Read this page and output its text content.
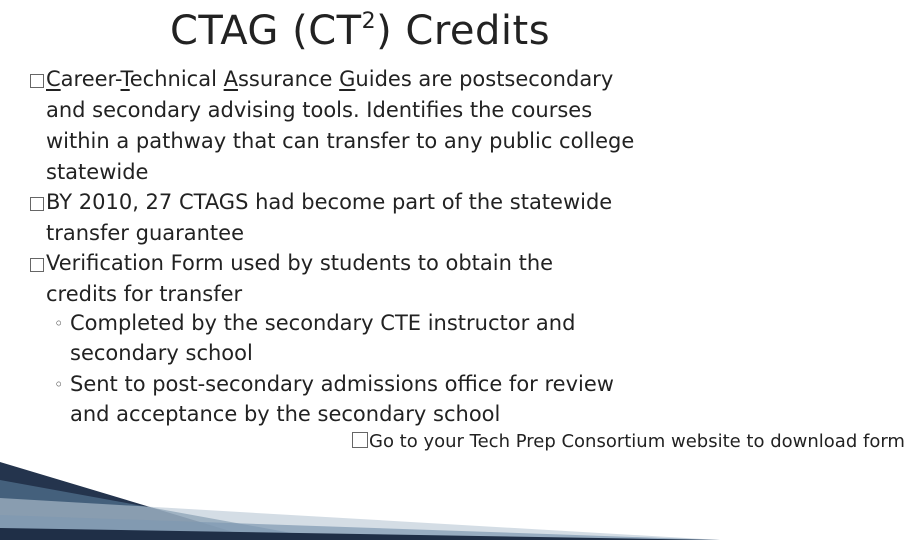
CTAG $(CT^2)$ Credits
Career-Technical Assurance Guides are postsecondary
and secondary advising tools. Identifies the courses
within a pathway that can transfer to any public college
statewide
BY 2010, 27 CTAGS had become part of the statewide
transfer guarantee
Verification Form used by students to obtain the
credits for transfer
◦ Completed by the secondary CTE instructor and
secondary school
◦ Sent to post-secondary admissions office for review
and acceptance by the secondary school
Go to your Tech Prep Consortium website to download form
